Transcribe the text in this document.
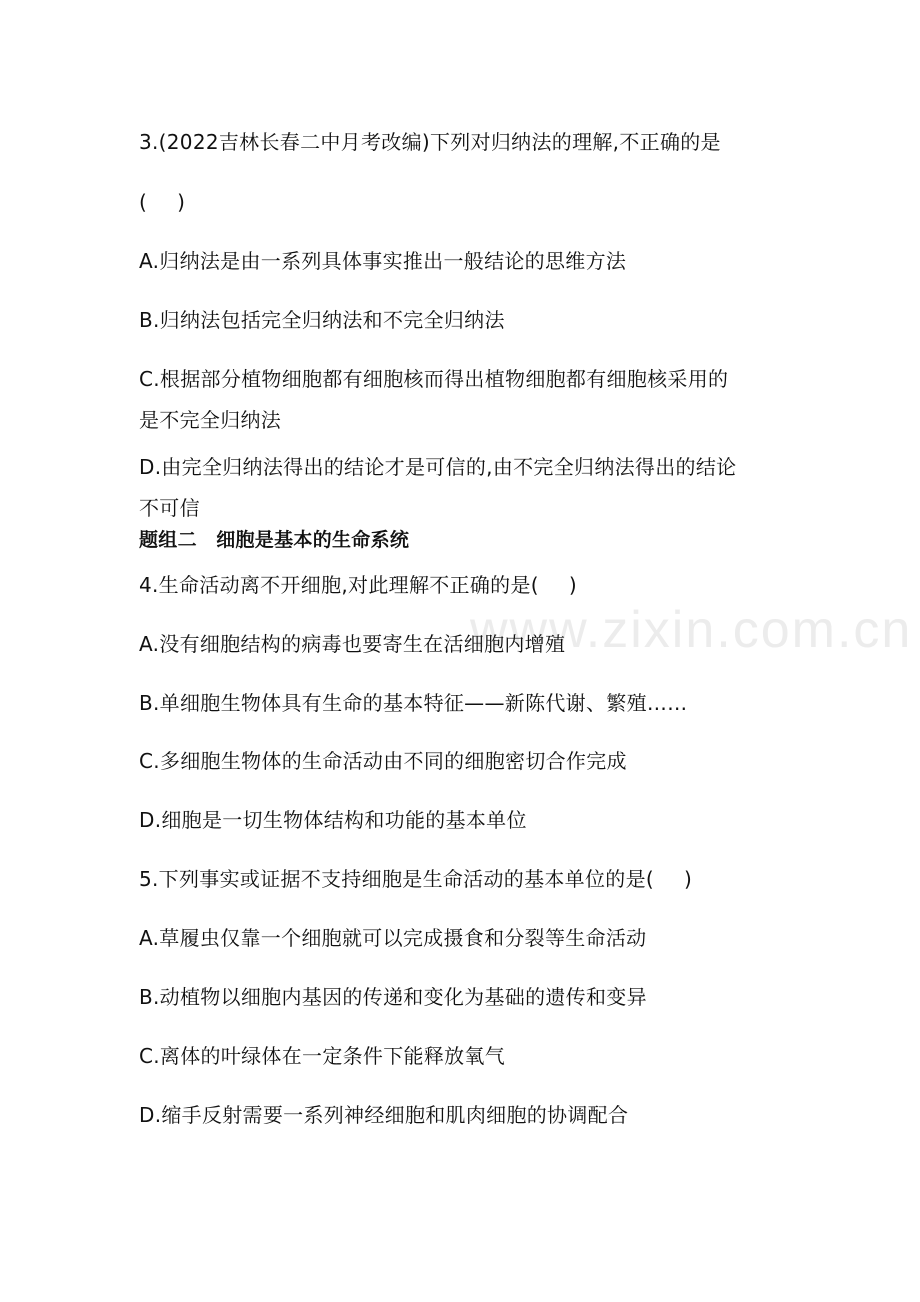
www.zixin.com.cn
3.(2022吉林长春二中月考改编)下列对归纳法的理解,不正确的是
( )
A.归纳法是由一系列具体事实推出一般结论的思维方法
B.归纳法包括完全归纳法和不完全归纳法
C.根据部分植物细胞都有细胞核而得出植物细胞都有细胞核采用的
是不完全归纳法
D.由完全归纳法得出的结论才是可信的,由不完全归纳法得出的结论
不可信
题组二　细胞是基本的生命系统
4.生命活动离不开细胞,对此理解不正确的是( )
A.没有细胞结构的病毒也要寄生在活细胞内增殖
B.单细胞生物体具有生命的基本特征——新陈代谢、繁殖……
C.多细胞生物体的生命活动由不同的细胞密切合作完成
D.细胞是一切生物体结构和功能的基本单位
5.下列事实或证据不支持细胞是生命活动的基本单位的是( )
A.草履虫仅靠一个细胞就可以完成摄食和分裂等生命活动
B.动植物以细胞内基因的传递和变化为基础的遗传和变异
C.离体的叶绿体在一定条件下能释放氧气
D.缩手反射需要一系列神经细胞和肌肉细胞的协调配合
